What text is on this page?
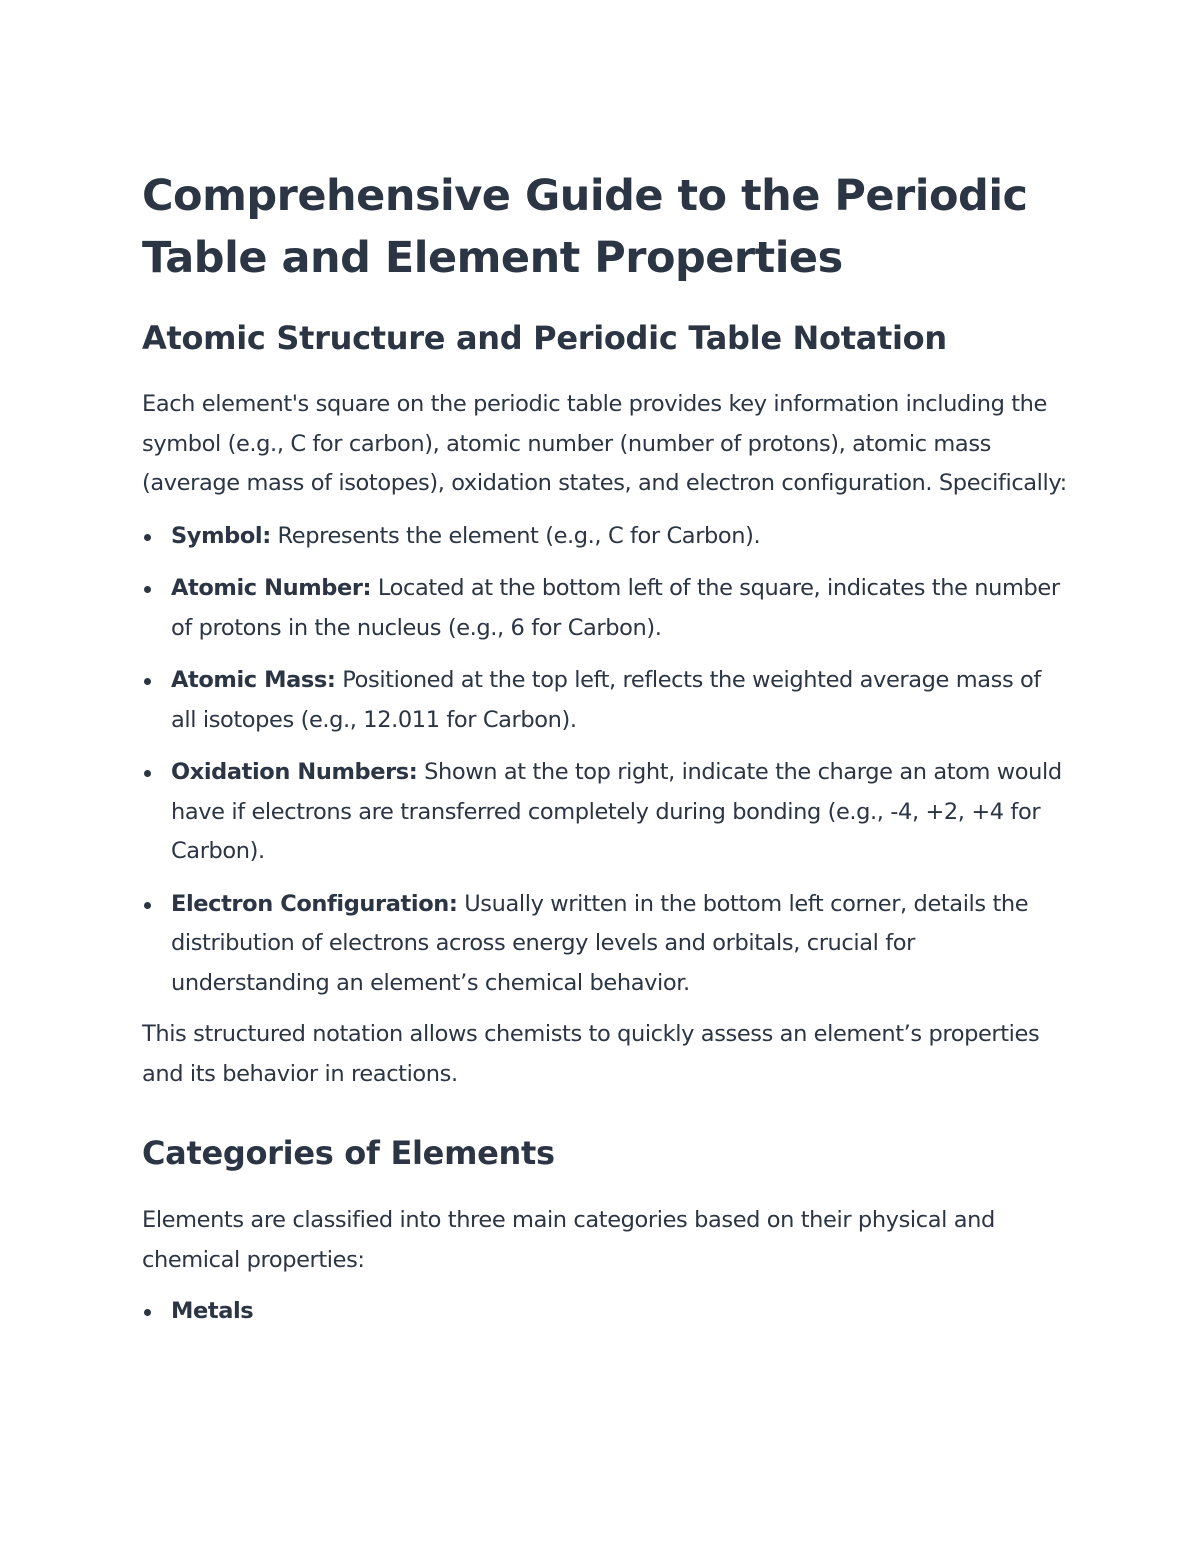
Comprehensive Guide to the Periodic Table and Element Properties
Atomic Structure and Periodic Table Notation

Each element's square on the periodic table provides key information including the symbol (e.g., C for carbon), atomic number (number of protons), atomic mass (average mass of isotopes), oxidation states, and electron configuration. Specifically:

Symbol: Represents the element (e.g., C for Carbon).
Atomic Number: Located at the bottom left of the square, indicates the number of protons in the nucleus (e.g., 6 for Carbon).
Atomic Mass: Positioned at the top left, reflects the weighted average mass of all isotopes (e.g., 12.011 for Carbon).
Oxidation Numbers: Shown at the top right, indicate the charge an atom would have if electrons are transferred completely during bonding (e.g., -4, +2, +4 for Carbon).
Electron Configuration: Usually written in the bottom left corner, details the distribution of electrons across energy levels and orbitals, crucial for understanding an element’s chemical behavior.

This structured notation allows chemists to quickly assess an element’s properties and its behavior in reactions.

Categories of Elements

Elements are classified into three main categories based on their physical and chemical properties:

Metals
